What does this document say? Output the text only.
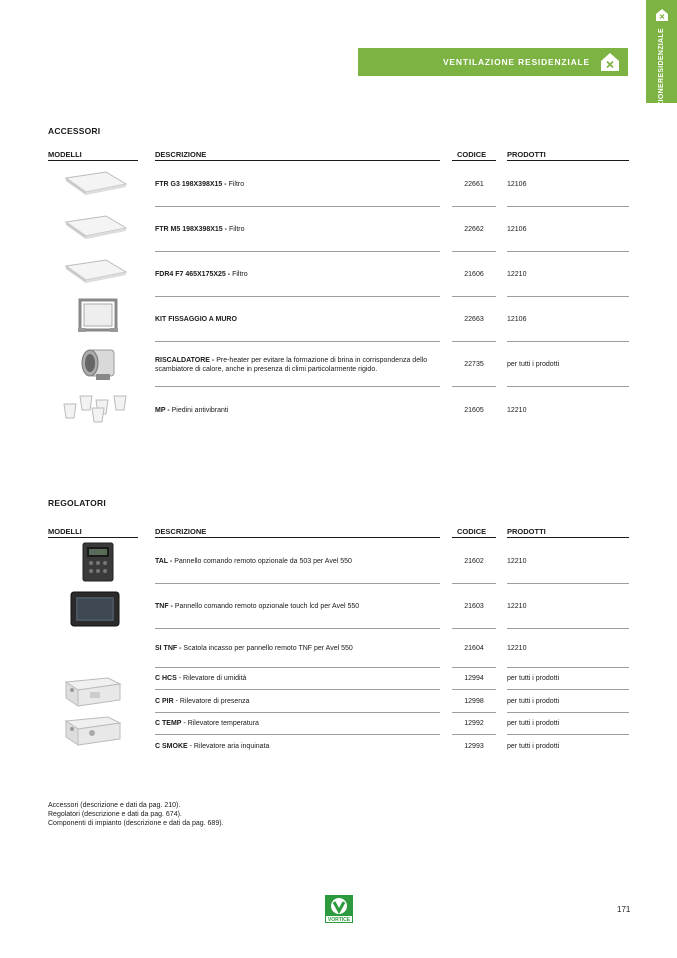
VENTILAZIONE

RESIDENZIALE
VENTILAZIONE RESIDENZIALE
ACCESSORI
MODELLI	DESCRIZIONE	CODICE	PRODOTTI
FTR G3 198X398X15 - Filtro	22661	12106
FTR M5 198X398X15 - Filtro	22662	12106
FDR4 F7 465X175X25 - Filtro	21606	12210
KIT FISSAGGIO A MURO	22663	12106
RISCALDATORE - Pre-heater per evitare la formazione di brina in corrispondenza dello scambiatore di calore, anche in presenza di climi particolarmente rigido.
22735	per tutti i prodotti
MP - Piedini antivibranti	21605	12210
REGOLATORI
MODELLI	DESCRIZIONE	CODICE	PRODOTTI
TAL - Pannello comando remoto opzionale da 503 per Avel 550	21602	12210
TNF - Pannello comando remoto opzionale touch lcd per Avel 550	21603	12210
SI TNF - Scatola incasso per pannello remoto TNF per Avel 550	21604	12210
C HCS - Rilevatore di umidità	12994	per tutti i prodotti
C PIR - Rilevatore di presenza	12998	per tutti i prodotti
C TEMP - Rilevatore temperatura	12992	per tutti i prodotti
C SMOKE - Rilevatore aria inquinata	12993	per tutti i prodotti
Accessori (descrizione e dati da pag. 210).
Regolatori (descrizione e dati da pag. 674).
Componenti di impianto (descrizione e dati da pag. 689).
VORTICE
171
